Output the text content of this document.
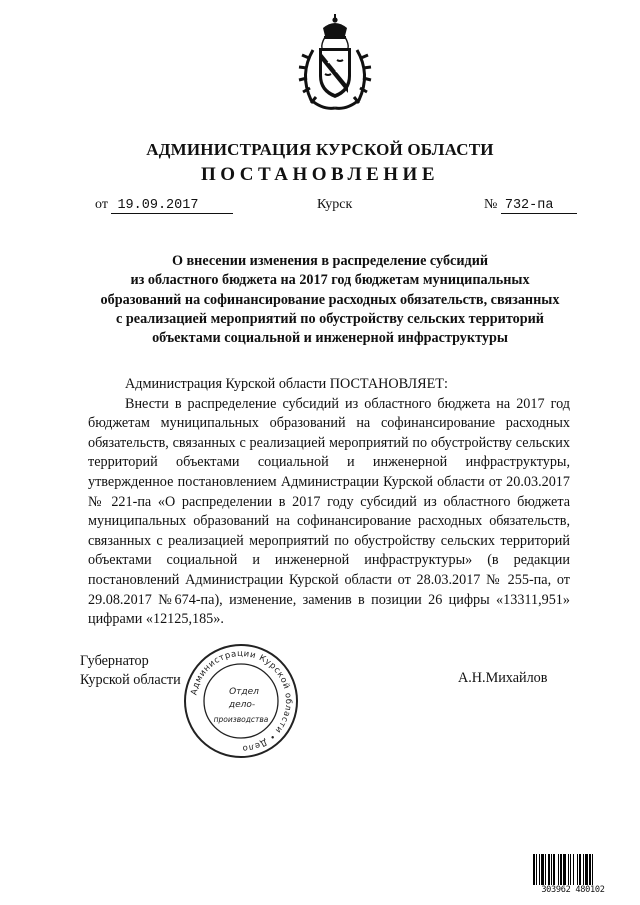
АДМИНИСТРАЦИЯ КУРСКОЙ ОБЛАСТИ
ПОСТАНОВЛЕНИЕ
от 19.09.2017	Курск	№ 732-па
О внесении изменения в распределение субсидий
из областного бюджета на 2017 год бюджетам муниципальных
образований на софинансирование расходных обязательств, связанных
с реализацией мероприятий по обустройству сельских территорий
объектами социальной и инженерной инфраструктуры

Администрация Курской области ПОСТАНОВЛЯЕТ:

Внести в распределение субсидий из областного бюджета на 2017 год бюджетам муниципальных образований на софинансирование расходных обязательств, связанных с реализацией мероприятий по обустройству сельских территорий объектами социальной и инженерной инфраструктуры, утвержденное постановлением Администрации Курской области от 20.03.2017 № 221-па «О распределении в 2017 году субсидий из областного бюджета муниципальных образований на софинансирование расходных обязательств, связанных с реализацией мероприятий по обустройству сельских территорий объектами социальной и инженерной инфраструктуры» (в редакции постановлений Администрации Курской области от 28.03.2017 № 255-па, от 29.08.2017 №674-па), изменение, заменив в позиции 26 цифры «13311,951» цифрами «12125,185».

Губернатор
Курской области
Администрации Курской области • Дело
Отдел
дело-
производства
А.Н.Михайлов
303962 480102
